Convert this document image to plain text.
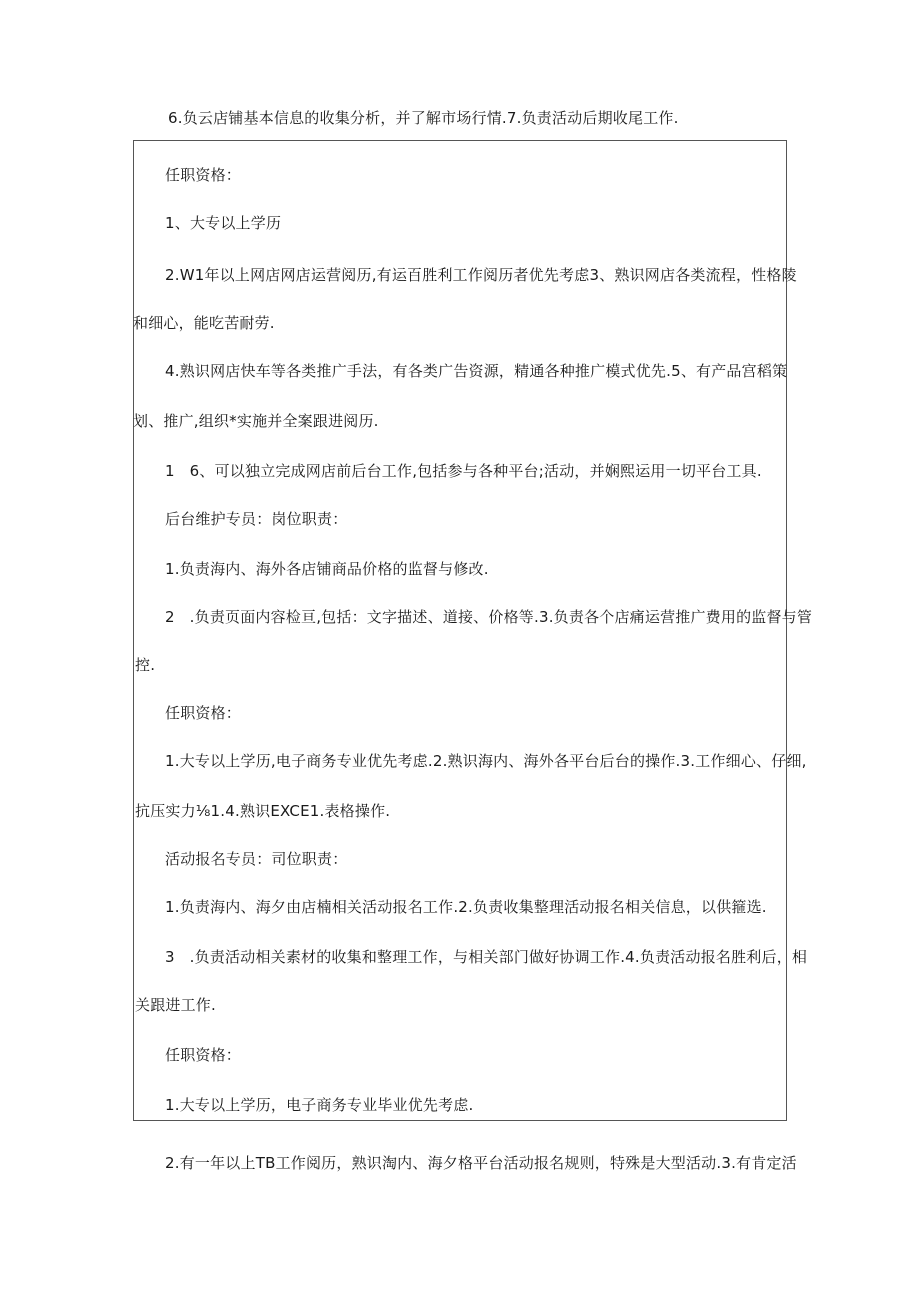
6.负云店铺基本信息的收集分析，并了解市场行情.7.负责活动后期收尾工作.
任职资格：
1、大专以上学历
2.W1年以上网店网店运营阅历,有运百胜利工作阅历者优先考虑3、熟识网店各类流程，性格陵
和细心，能吃苦耐劳.
4.熟识网店快车等各类推广手法，有各类广告资源，精通各种推广模式优先.5、有产品宫稻策
划、推广,组织*实施并全案跟进阅历.
1   6、可以独立完成网店前后台工作,包括参与各种平台;活动，并娴熙运用一切平台工具.
后台维护专员：岗位职责：
1.负责海内、海外各店铺商品价格的监督与修改.
2   .负责页面内容检亘,包括：文字描述、道接、价格等.3.负责各个店痛运营推广费用的监督与管
控.
任职资格：
1.大专以上学历,电子商务专业优先考虑.2.熟识海内、海外各平台后台的操作.3.工作细心、仔细,
抗压实力⅛1.4.熟识EXCE1.表格操作.
活动报名专员：司位职责：
1.负责海内、海夕由店楠相关活动报名工作.2.负责收集整理活动报名相关信息，以供箍选.
3   .负责活动相关素材的收集和整理工作，与相关部门做好协调工作.4.负责活动报名胜利后，相
关跟进工作.
任职资格：
1.大专以上学历，电子商务专业毕业优先考虑.
2.有一年以上TB工作阅历，熟识淘内、海夕格平台活动报名规则，特殊是大型活动.3.有肯定活
